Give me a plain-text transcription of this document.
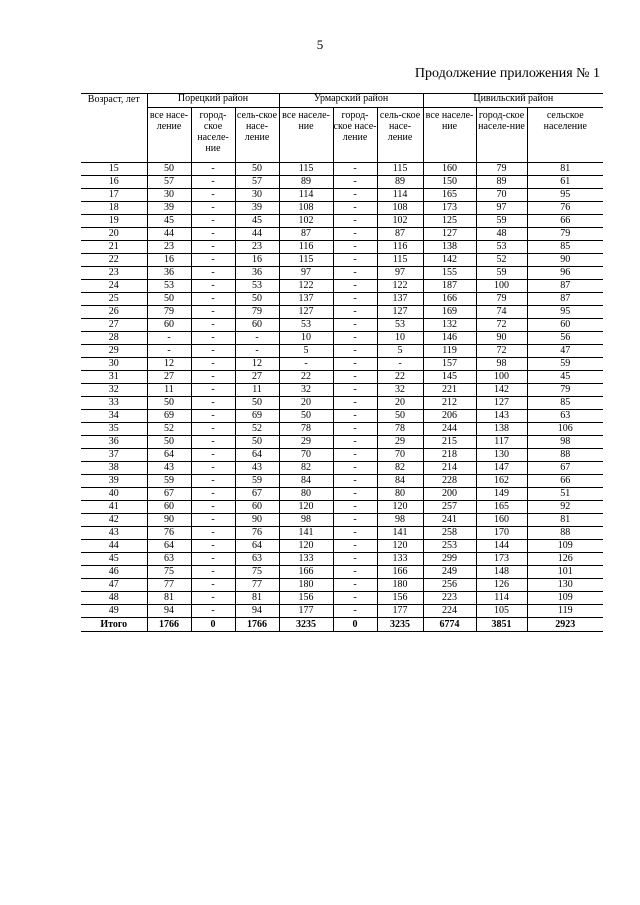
5
Продолжение приложения № 1
Возраст, лет	Порецкий район			Урмарский район			Цивильский район		
	все насе-ление	город-ское населе-ние	сель-ское насе-ление	все населе-ние	город-ское насе-ление	сель-ское насе-ление	все населе-ние	город-ское населе-ние	сельское население
15	50	-	50	115	-	115	160	79	81
16	57	-	57	89	-	89	150	89	61
17	30	-	30	114	-	114	165	70	95
18	39	-	39	108	-	108	173	97	76
19	45	-	45	102	-	102	125	59	66
20	44	-	44	87	-	87	127	48	79
21	23	-	23	116	-	116	138	53	85
22	16	-	16	115	-	115	142	52	90
23	36	-	36	97	-	97	155	59	96
24	53	-	53	122	-	122	187	100	87
25	50	-	50	137	-	137	166	79	87
26	79	-	79	127	-	127	169	74	95
27	60	-	60	53	-	53	132	72	60
28	-	-	-	10	-	10	146	90	56
29	-	-	-	5	-	5	119	72	47
30	12	-	12	-	-	-	157	98	59
31	27	-	27	22	-	22	145	100	45
32	11	-	11	32	-	32	221	142	79
33	50	-	50	20	-	20	212	127	85
34	69	-	69	50	-	50	206	143	63
35	52	-	52	78	-	78	244	138	106
36	50	-	50	29	-	29	215	117	98
37	64	-	64	70	-	70	218	130	88
38	43	-	43	82	-	82	214	147	67
39	59	-	59	84	-	84	228	162	66
40	67	-	67	80	-	80	200	149	51
41	60	-	60	120	-	120	257	165	92
42	90	-	90	98	-	98	241	160	81
43	76	-	76	141	-	141	258	170	88
44	64	-	64	120	-	120	253	144	109
45	63	-	63	133	-	133	299	173	126
46	75	-	75	166	-	166	249	148	101
47	77	-	77	180	-	180	256	126	130
48	81	-	81	156	-	156	223	114	109
49	94	-	94	177	-	177	224	105	119
Итого	1766	0	1766	3235	0	3235	6774	3851	2923
